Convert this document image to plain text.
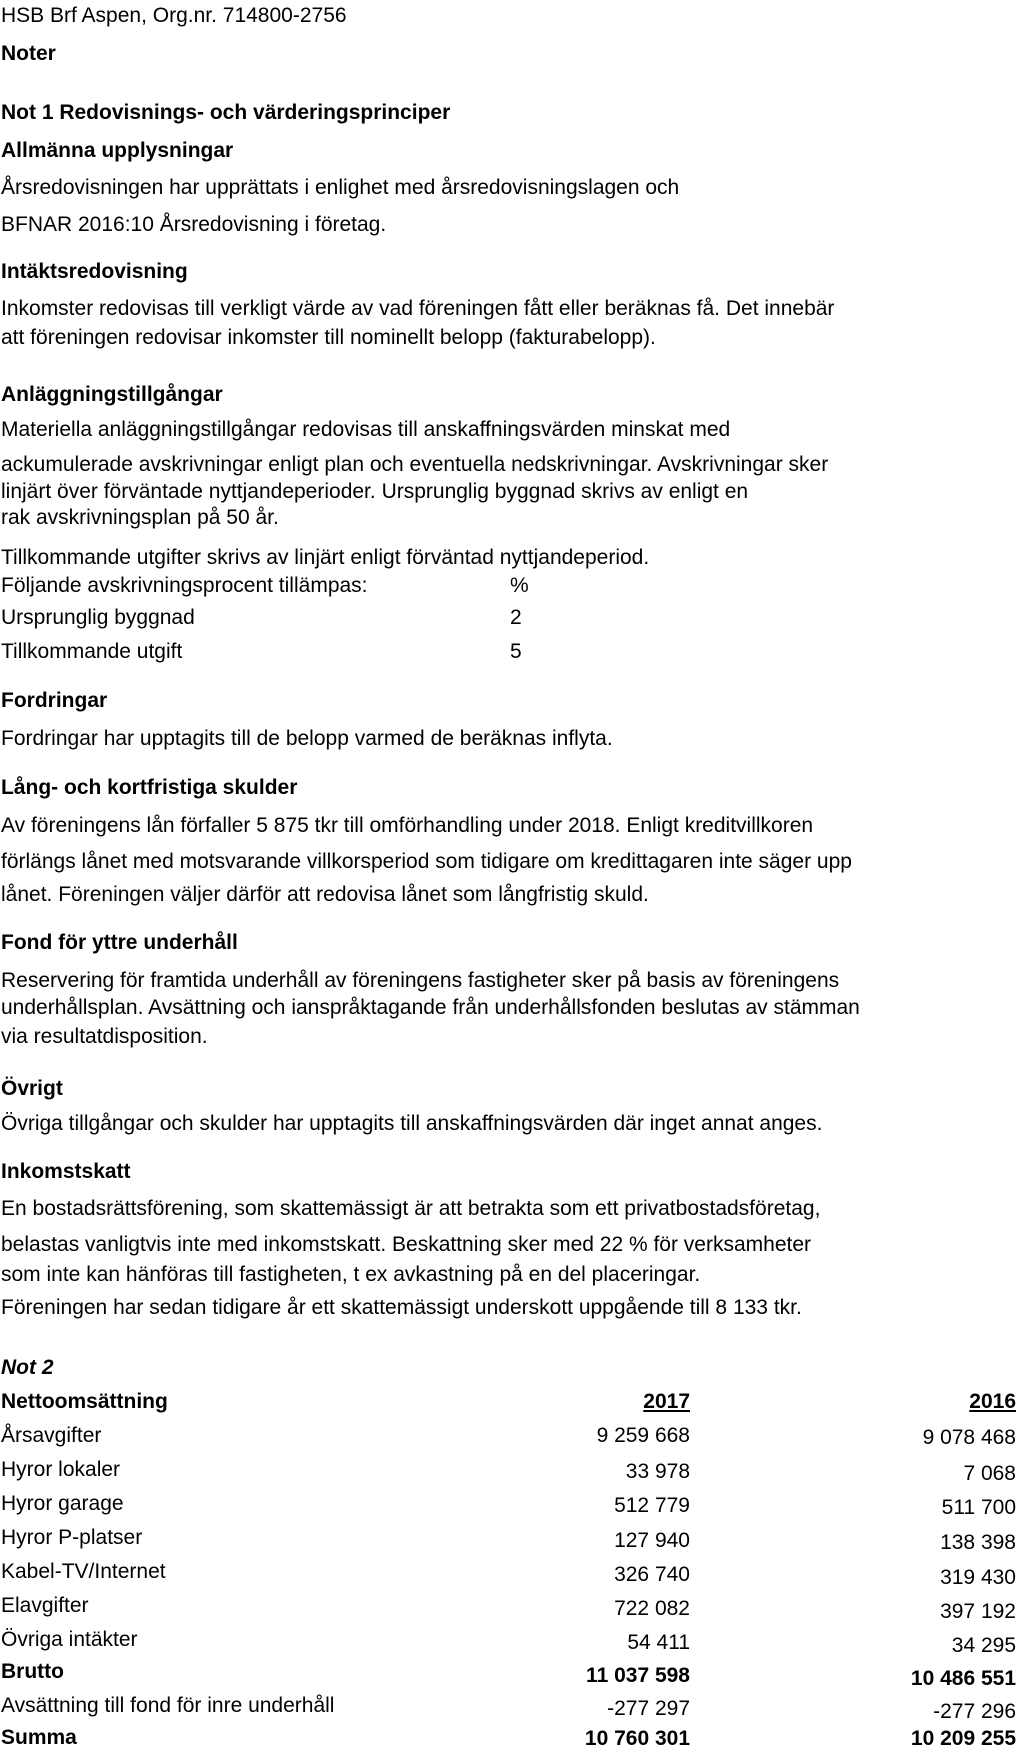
HSB Brf Aspen, Org.nr. 714800-2756
Noter
Not 1 Redovisnings- och värderingsprinciper
Allmänna upplysningar
Årsredovisningen har upprättats i enlighet med årsredovisningslagen och
BFNAR 2016:10 Årsredovisning i företag.
Intäktsredovisning
Inkomster redovisas till verkligt värde av vad föreningen fått eller beräknas få. Det innebär
att föreningen redovisar inkomster till nominellt belopp (fakturabelopp).
Anläggningstillgångar
Materiella anläggningstillgångar redovisas till anskaffningsvärden minskat med
ackumulerade avskrivningar enligt plan och eventuella nedskrivningar. Avskrivningar sker
linjärt över förväntade nyttjandeperioder. Ursprunglig byggnad skrivs av enligt en
rak avskrivningsplan på 50 år.
Tillkommande utgifter skrivs av linjärt enligt förväntad nyttjandeperiod.
Följande avskrivningsprocent tillämpas:	%
Ursprunglig byggnad	2
Tillkommande utgift	5
Fordringar
Fordringar har upptagits till de belopp varmed de beräknas inflyta.
Lång- och kortfristiga skulder
Av föreningens lån förfaller 5 875 tkr till omförhandling under 2018. Enligt kreditvillkoren
förlängs lånet med motsvarande villkorsperiod som tidigare om kredittagaren inte säger upp
lånet. Föreningen väljer därför att redovisa lånet som långfristig skuld.
Fond för yttre underhåll
Reservering för framtida underhåll av föreningens fastigheter sker på basis av föreningens
underhållsplan. Avsättning och ianspråktagande från underhållsfonden beslutas av stämman
via resultatdisposition.
Övrigt
Övriga tillgångar och skulder har upptagits till anskaffningsvärden där inget annat anges.
Inkomstskatt
En bostadsrättsförening, som skattemässigt är att betrakta som ett privatbostadsföretag,
belastas vanligtvis inte med inkomstskatt. Beskattning sker med 22 % för verksamheter
som inte kan hänföras till fastigheten, t ex avkastning på en del placeringar.
Föreningen har sedan tidigare år ett skattemässigt underskott uppgående till 8 133 tkr.
Not 2
Nettoomsättning	2017	2016
Årsavgifter	9 259 668	9 078 468
Hyror lokaler	33 978	7 068
Hyror garage	512 779	511 700
Hyror P-platser	127 940	138 398
Kabel-TV/Internet	326 740	319 430
Elavgifter	722 082	397 192
Övriga intäkter	54 411	34 295
Brutto	11 037 598	10 486 551
Avsättning till fond för inre underhåll	-277 297	-277 296
Summa	10 760 301	10 209 255
